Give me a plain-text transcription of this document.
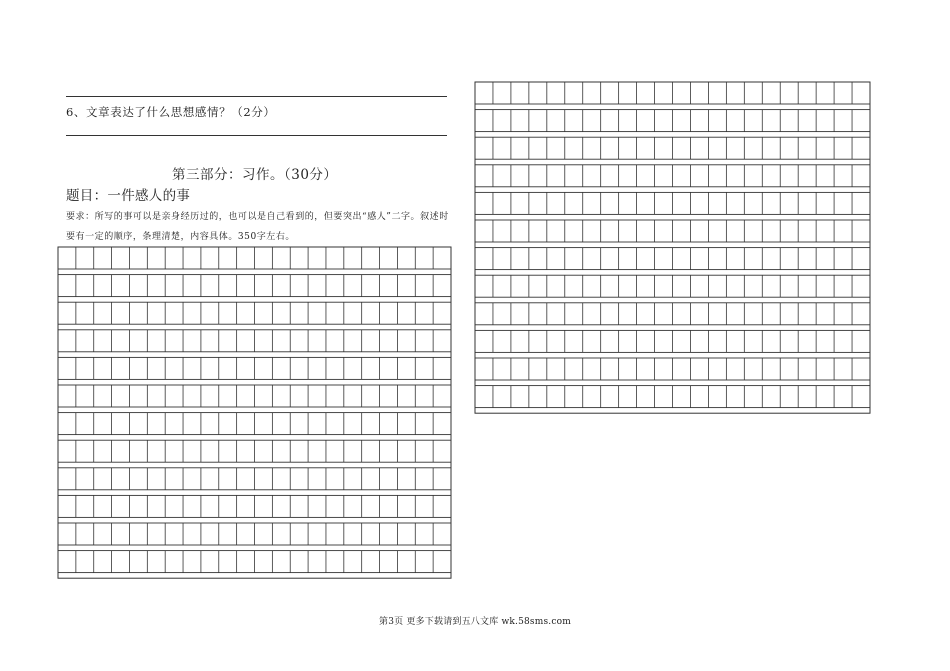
6、文章表达了什么思想感情？（2分）
第三部分：习作。（30分）
题目：一件感人的事
要求：所写的事可以是亲身经历过的，也可以是自己看到的，但要突出“感人”二字。叙述时
要有一定的顺序，条理清楚，内容具体。350字左右。
第3页 更多下载请到五八文库 wk.58sms.com
